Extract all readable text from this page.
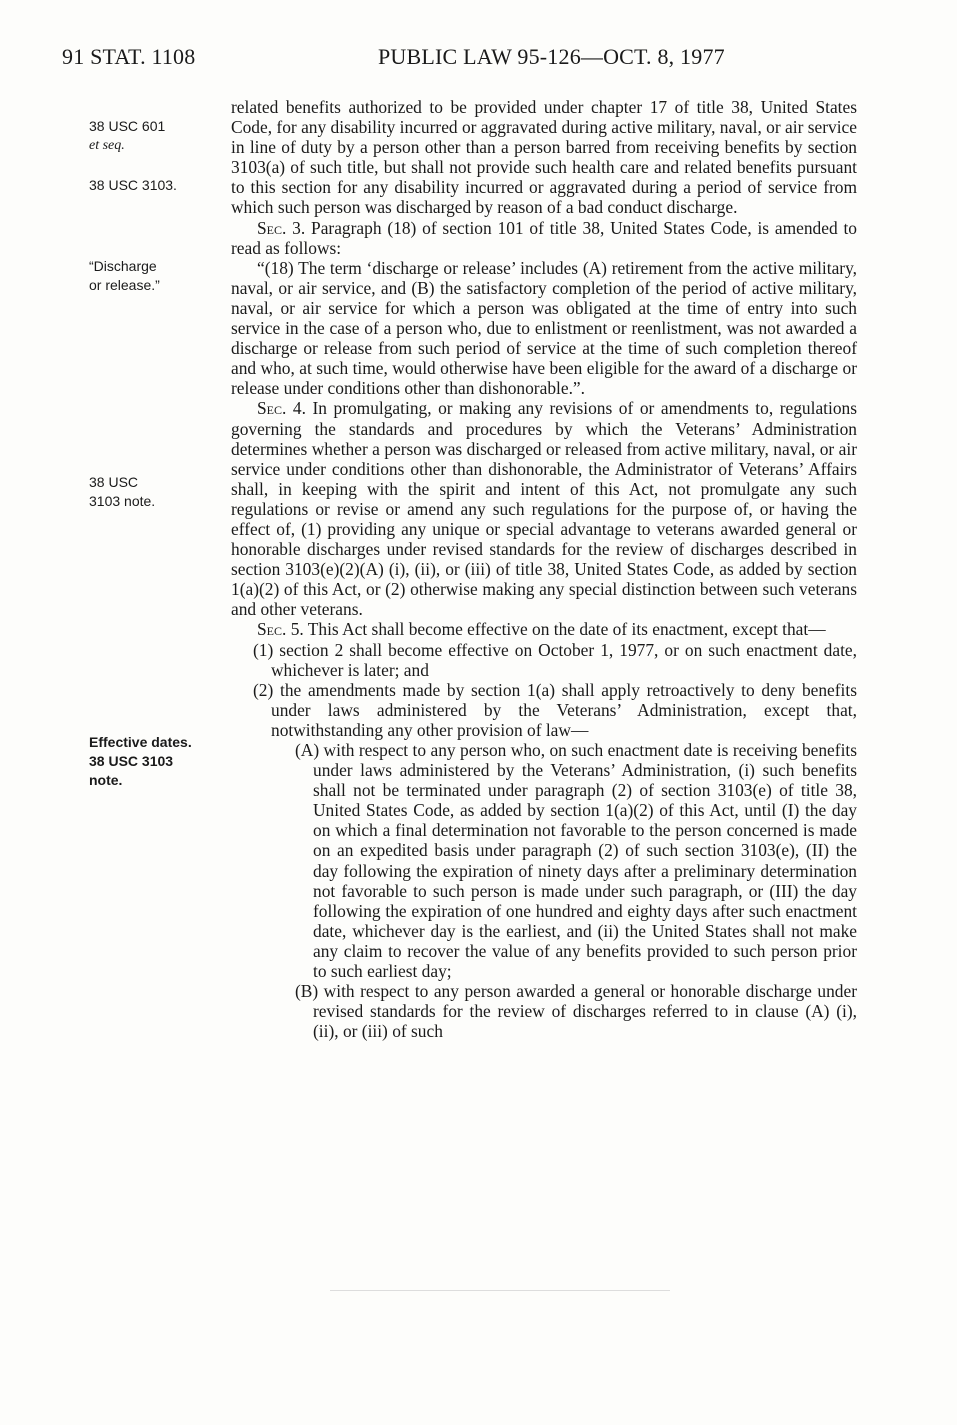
91 STAT. 1108	PUBLIC LAW 95-126—OCT. 8, 1977
38 USC 601
et seq.
38 USC 3103.
“Discharge
or release.”
38 USC
3103 note.
Effective dates.
38 USC 3103
note.

related benefits authorized to be provided under chapter 17 of title 38, United States Code, for any disability incurred or aggravated during active military, naval, or air service in line of duty by a person other than a person barred from receiving benefits by section 3103(a) of such title, but shall not provide such health care and related benefits pursuant to this section for any disability incurred or aggravated during a period of service from which such person was discharged by reason of a bad conduct discharge.

Sec. 3. Paragraph (18) of section 101 of title 38, United States Code, is amended to read as follows:

“(18) The term ‘discharge or release’ includes (A) retirement from the active military, naval, or air service, and (B) the satisfactory completion of the period of active military, naval, or air service for which a person was obligated at the time of entry into such service in the case of a person who, due to enlistment or reenlistment, was not awarded a discharge or release from such period of service at the time of such completion thereof and who, at such time, would otherwise have been eligible for the award of a discharge or release under conditions other than dishonorable.”.

Sec. 4. In promulgating, or making any revisions of or amendments to, regulations governing the standards and procedures by which the Veterans’ Administration determines whether a person was discharged or released from active military, naval, or air service under conditions other than dishonorable, the Administrator of Veterans’ Affairs shall, in keeping with the spirit and intent of this Act, not promulgate any such regulations or revise or amend any such regulations for the purpose of, or having the effect of, (1) providing any unique or special advantage to veterans awarded general or honorable discharges under revised standards for the review of discharges described in section 3103(e)(2)(A) (i), (ii), or (iii) of title 38, United States Code, as added by section 1(a)(2) of this Act, or (2) otherwise making any special distinction between such veterans and other veterans.

Sec. 5. This Act shall become effective on the date of its enactment, except that—

(1) section 2 shall become effective on October 1, 1977, or on such enactment date, whichever is later; and

(2) the amendments made by section 1(a) shall apply retroactively to deny benefits under laws administered by the Veterans’ Administration, except that, notwithstanding any other provision of law—

(A) with respect to any person who, on such enactment date is receiving benefits under laws administered by the Veterans’ Administration, (i) such benefits shall not be terminated under paragraph (2) of section 3103(e) of title 38, United States Code, as added by section 1(a)(2) of this Act, until (I) the day on which a final determination not favorable to the person concerned is made on an expedited basis under paragraph (2) of such section 3103(e), (II) the day following the expiration of ninety days after a preliminary determination not favorable to such person is made under such paragraph, or (III) the day following the expiration of one hundred and eighty days after such enactment date, whichever day is the earliest, and (ii) the United States shall not make any claim to recover the value of any benefits provided to such person prior to such earliest day;

(B) with respect to any person awarded a general or honorable discharge under revised standards for the review of discharges referred to in clause (A) (i), (ii), or (iii) of such
